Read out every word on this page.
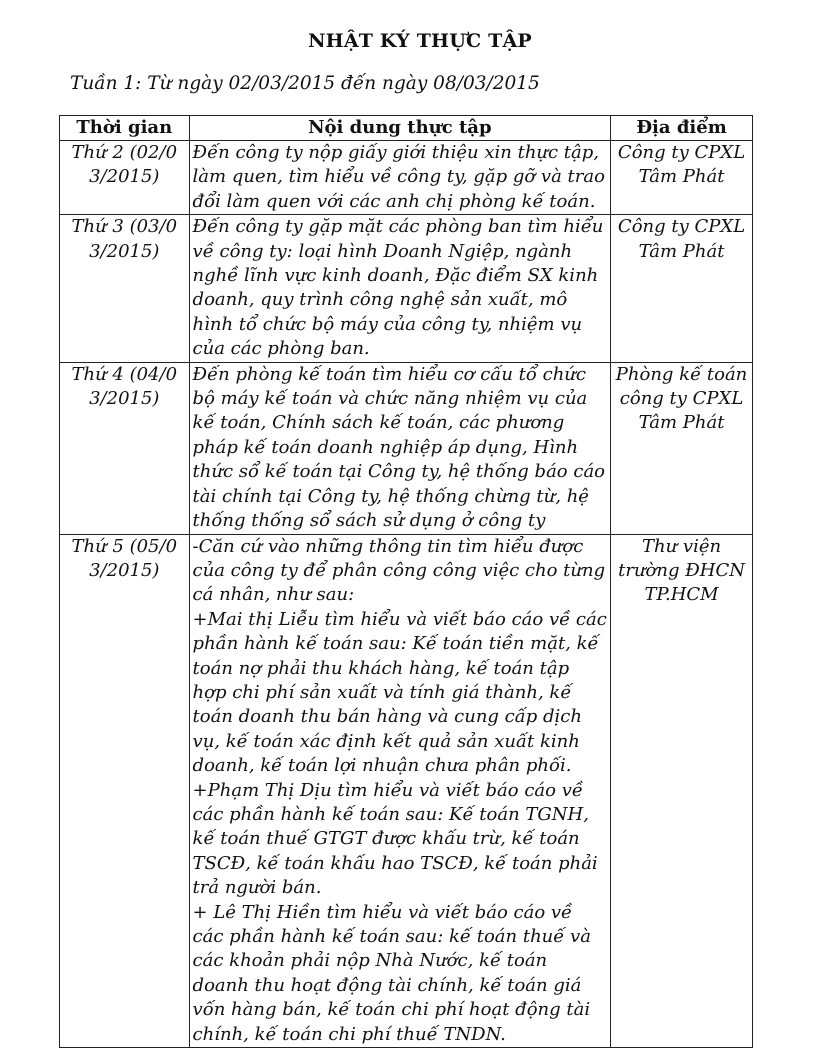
NHẬT KÝ THỰC TẬP
Tuần 1: Từ ngày 02/03/2015 đến ngày 08/03/2015
Thời gian	Nội dung thực tập	Địa điểm
Thứ 2 (02/03/2015)	Đến công ty nộp giấy giới thiệu xin thực tập, làm quen, tìm hiểu về công ty, gặp gỡ và trao đổi làm quen với các anh chị phòng kế toán.	Công ty CPXL Tâm Phát
Thứ 3 (03/03/2015)	Đến công ty gặp mặt các phòng ban tìm hiểu về công ty: loại hình Doanh Ngiệp, ngành nghề lĩnh vực kinh doanh, Đặc điểm SX kinh doanh, quy trình công nghệ sản xuất, mô hình tổ chức bộ máy của công ty, nhiệm vụ của các phòng ban.	Công ty CPXL Tâm Phát
Thứ 4 (04/03/2015)	Đến phòng kế toán tìm hiểu cơ cấu tổ chức bộ máy kế toán và chức năng nhiệm vụ của kế toán, Chính sách kế toán, các phương pháp kế toán doanh nghiệp áp dụng, Hình thức sổ kế toán tại Công ty, hệ thống báo cáo tài chính tại Công ty, hệ thống chừng từ, hệ thống thống sổ sách sử dụng ở công ty	Phòng kế toán công ty CPXL Tâm Phát
Thứ 5 (05/03/2015)	-Căn cứ vào những thông tin tìm hiểu được của công ty để phân công công việc cho từng cá nhân, như sau:
+Mai thị Liễu tìm hiểu và viết báo cáo về các phần hành kế toán sau: Kế toán tiền mặt, kế toán nợ phải thu khách hàng, kế toán tập hợp chi phí sản xuất và tính giá thành, kế toán doanh thu bán hàng và cung cấp dịch vụ, kế toán xác định kết quả sản xuất kinh doanh, kế toán lợi nhuận chưa phân phối.
+Phạm Thị Dịu tìm hiểu và viết báo cáo về các phần hành kế toán sau: Kế toán TGNH, kế toán thuế GTGT được khấu trừ, kế toán TSCĐ, kế toán khấu hao TSCĐ, kế toán phải trả người bán.
+ Lê Thị Hiền tìm hiểu và viết báo cáo về các phần hành kế toán sau: kế toán thuế và các khoản phải nộp Nhà Nước, kế toán doanh thu hoạt động tài chính, kế toán giá vốn hàng bán, kế toán chi phí hoạt động tài chính, kế toán chi phí thuế TNDN.	Thư viện trường ĐHCN TP.HCM
